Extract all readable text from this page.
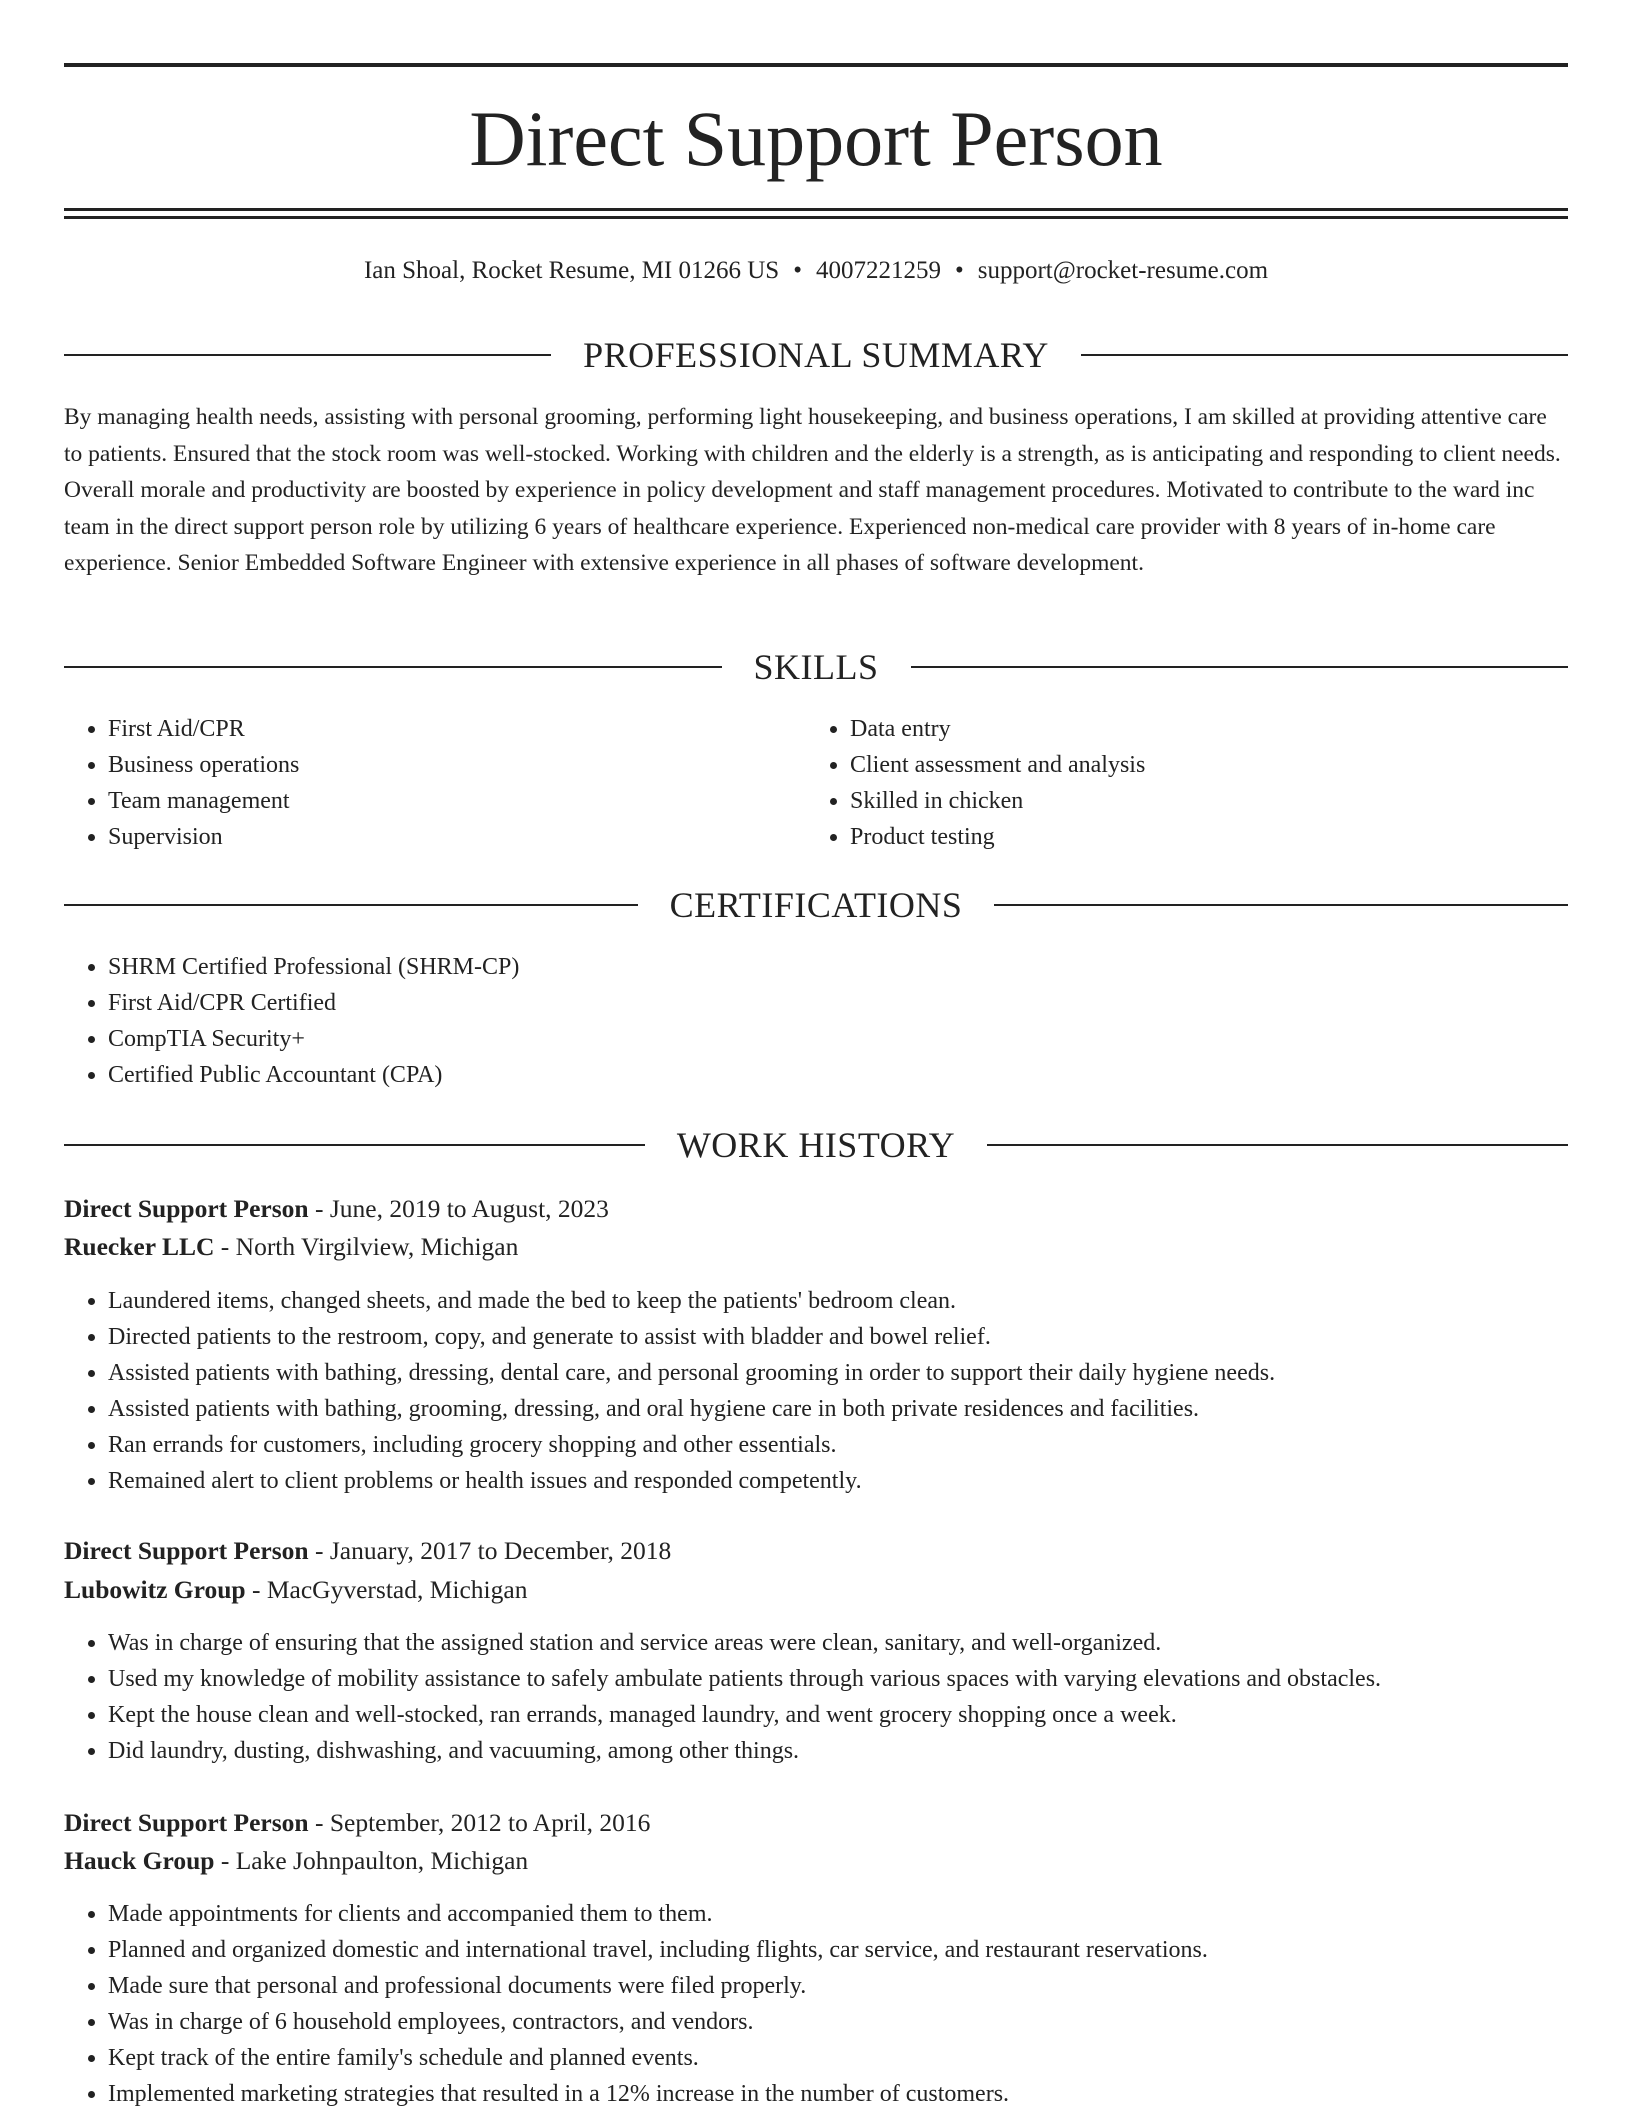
Direct Support Person
Ian Shoal, Rocket Resume, MI 01266 US • 4007221259 • support@rocket-resume.com
PROFESSIONAL SUMMARY

By managing health needs, assisting with personal grooming, performing light housekeeping, and business operations, I am skilled at providing attentive care to patients. Ensured that the stock room was well-stocked. Working with children and the elderly is a strength, as is anticipating and responding to client needs. Overall morale and productivity are boosted by experience in policy development and staff management procedures. Motivated to contribute to the ward inc team in the direct support person role by utilizing 6 years of healthcare experience. Experienced non-medical care provider with 8 years of in-home care experience. Senior Embedded Software Engineer with extensive experience in all phases of software development.

SKILLS
• First Aid/CPR
• Business operations
• Team management
• Supervision
• Data entry
• Client assessment and analysis
• Skilled in chicken
• Product testing
CERTIFICATIONS
• SHRM Certified Professional (SHRM-CP)
• First Aid/CPR Certified
• CompTIA Security+
• Certified Public Accountant (CPA)
WORK HISTORY
Direct Support Person - June, 2019 to August, 2023
Ruecker LLC - North Virgilview, Michigan
• Laundered items, changed sheets, and made the bed to keep the patients' bedroom clean.
• Directed patients to the restroom, copy, and generate to assist with bladder and bowel relief.
• Assisted patients with bathing, dressing, dental care, and personal grooming in order to support their daily hygiene needs.
• Assisted patients with bathing, grooming, dressing, and oral hygiene care in both private residences and facilities.
• Ran errands for customers, including grocery shopping and other essentials.
• Remained alert to client problems or health issues and responded competently.
Direct Support Person - January, 2017 to December, 2018
Lubowitz Group - MacGyverstad, Michigan
• Was in charge of ensuring that the assigned station and service areas were clean, sanitary, and well-organized.
• Used my knowledge of mobility assistance to safely ambulate patients through various spaces with varying elevations and obstacles.
• Kept the house clean and well-stocked, ran errands, managed laundry, and went grocery shopping once a week.
• Did laundry, dusting, dishwashing, and vacuuming, among other things.
Direct Support Person - September, 2012 to April, 2016
Hauck Group - Lake Johnpaulton, Michigan
• Made appointments for clients and accompanied them to them.
• Planned and organized domestic and international travel, including flights, car service, and restaurant reservations.
• Made sure that personal and professional documents were filed properly.
• Was in charge of 6 household employees, contractors, and vendors.
• Kept track of the entire family's schedule and planned events.
• Implemented marketing strategies that resulted in a 12% increase in the number of customers.
